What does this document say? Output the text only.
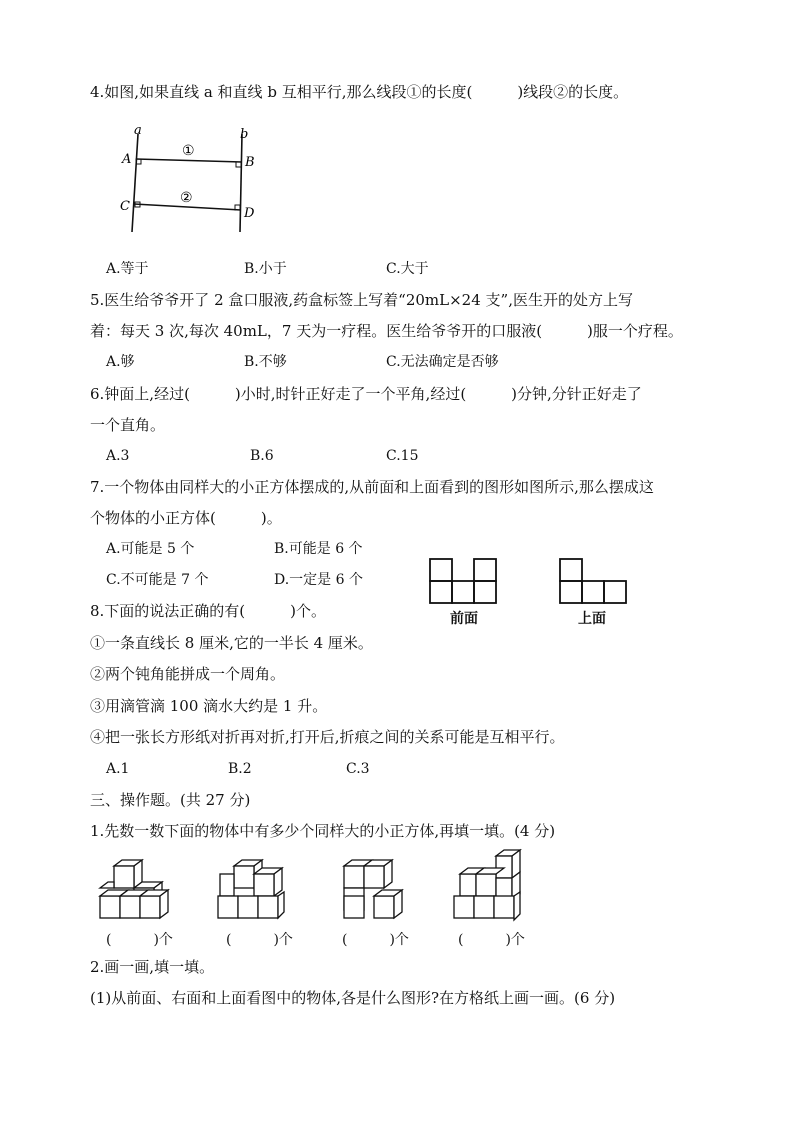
4.如图,如果直线 a 和直线 b 互相平行,那么线段①的长度(　　　)线段②的长度。
a	b
A	B
C	D
①
②
A.等于	B.小于	C.大于
5.医生给爷爷开了 2 盒口服液,药盒标签上写着“20mL×24 支”,医生开的处方上写
着：每天 3 次,每次 40mL，7 天为一疗程。医生给爷爷开的口服液(　　　)服一个疗程。
A.够	B.不够	C.无法确定是否够
6.钟面上,经过(　　　)小时,时针正好走了一个平角,经过(　　　)分钟,分针正好走了
一个直角。
A.3	B.6	C.15
7.一个物体由同样大的小正方体摆成的,从前面和上面看到的图形如图所示,那么摆成这
个物体的小正方体(　　　)。
A.可能是 5 个	B.可能是 6 个
C.不可能是 7 个	D.一定是 6 个
前面	上面
8.下面的说法正确的有(　　　)个。
①一条直线长 8 厘米,它的一半长 4 厘米。
②两个钝角能拼成一个周角。
③用滴管滴 100 滴水大约是 1 升。
④把一张长方形纸对折再对折,打开后,折痕之间的关系可能是互相平行。
A.1	B.2	C.3
三、操作题。(共 27 分)
1.先数一数下面的物体中有多少个同样大的小正方体,再填一填。(4 分)
(　　　)个	(　　　)个	(　　　)个	(　　　)个
2.画一画,填一填。
(1)从前面、右面和上面看图中的物体,各是什么图形?在方格纸上画一画。(6 分)
